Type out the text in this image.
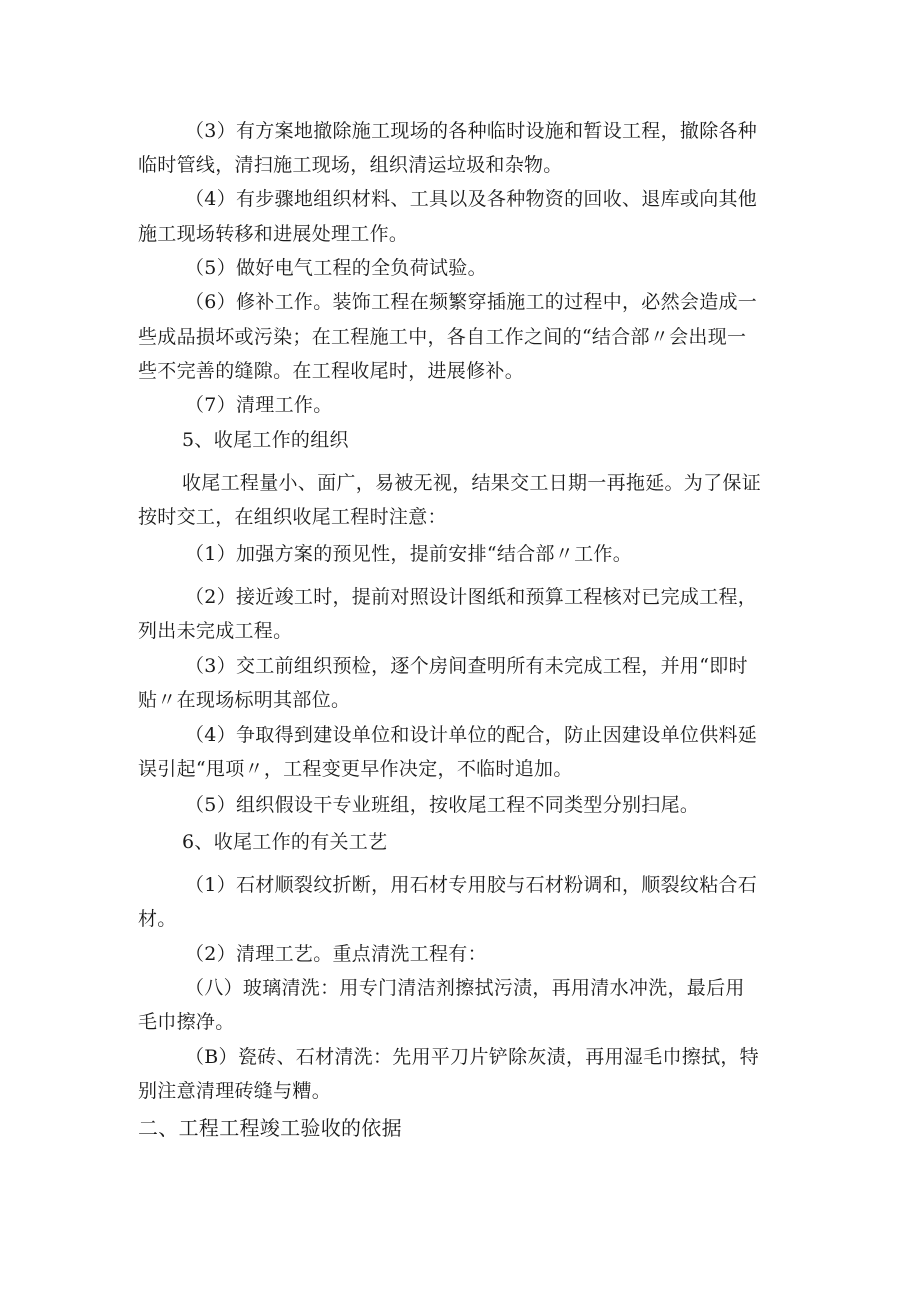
（3）有方案地撤除施工现场的各种临时设施和暂设工程，撤除各种
临时管线，清扫施工现场，组织清运垃圾和杂物。
（4）有步骤地组织材料、工具以及各种物资的回收、退库或向其他
施工现场转移和进展处理工作。
（5）做好电气工程的全负荷试验。
（6）修补工作。装饰工程在频繁穿插施工的过程中，必然会造成一
些成品损坏或污染；在工程施工中，各自工作之间的“结合部〃会出现一
些不完善的缝隙。在工程收尾时，进展修补。
（7）清理工作。
5、收尾工作的组织
收尾工程量小、面广，易被无视，结果交工日期一再拖延。为了保证
按时交工，在组织收尾工程时注意：
（1）加强方案的预见性，提前安排“结合部〃工作。
（2）接近竣工时，提前对照设计图纸和预算工程核对已完成工程，
列出未完成工程。
（3）交工前组织预检，逐个房间查明所有未完成工程，并用“即时
贴〃在现场标明其部位。
（4）争取得到建设单位和设计单位的配合，防止因建设单位供料延
误引起“甩项〃，工程变更早作决定，不临时追加。
（5）组织假设干专业班组，按收尾工程不同类型分别扫尾。
6、收尾工作的有关工艺
（1）石材顺裂纹折断，用石材专用胶与石材粉调和，顺裂纹粘合石
材。
（2）清理工艺。重点清洗工程有：
（八）玻璃清洗：用专门清洁剂擦拭污渍，再用清水冲洗，最后用
毛巾擦净。
（B）瓷砖、石材清洗：先用平刀片铲除灰渍，再用湿毛巾擦拭，特
别注意清理砖缝与糟。
二、工程工程竣工验收的依据
